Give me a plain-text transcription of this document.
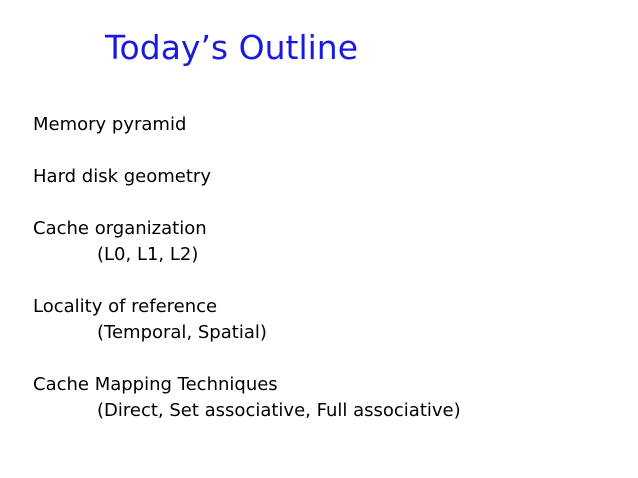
Today’s Outline
Memory pyramid
Hard disk geometry
Cache organization
(L0, L1, L2)
Locality of reference
(Temporal, Spatial)
Cache Mapping Techniques
(Direct, Set associative, Full associative)
